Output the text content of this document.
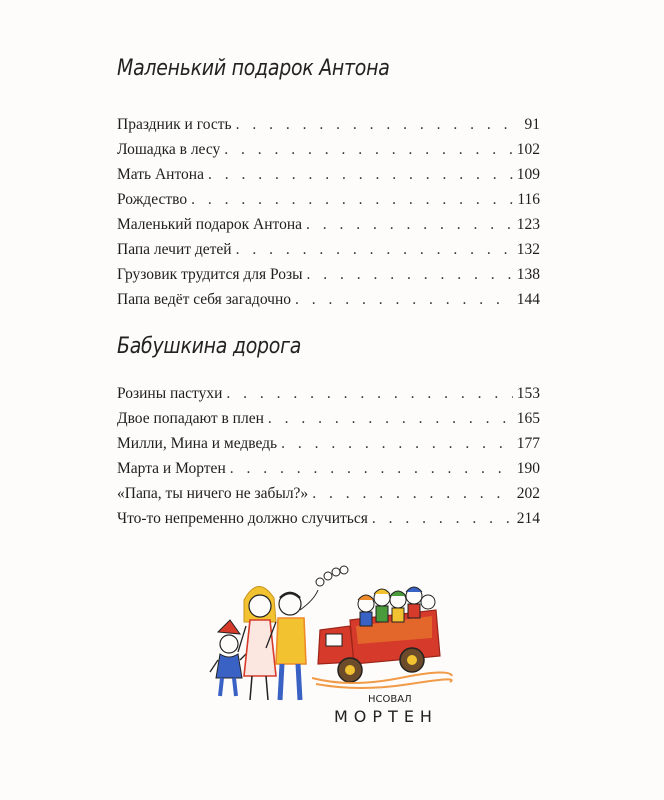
Маленький подарок Антона
Праздник и гость . . .	91
Лошадка в лесу . . .	102
Мать Антона . . .	109
Рождество . . .	116
Маленький подарок Антона . . .	123
Папа лечит детей . . .	132
Грузовик трудится для Розы . . .	138
Папа ведёт себя загадочно . . .	144
Бабушкина дорога
Розины пастухи . . .	153
Двое попадают в плен . . .	165
Милли, Мина и медведь . . .	177
Марта и Мортен . . .	190
«Папа, ты ничего не забыл?» . . .	202
Что-то непременно должно случиться . . .	214
НСОВАЛ
МОРТЕН
